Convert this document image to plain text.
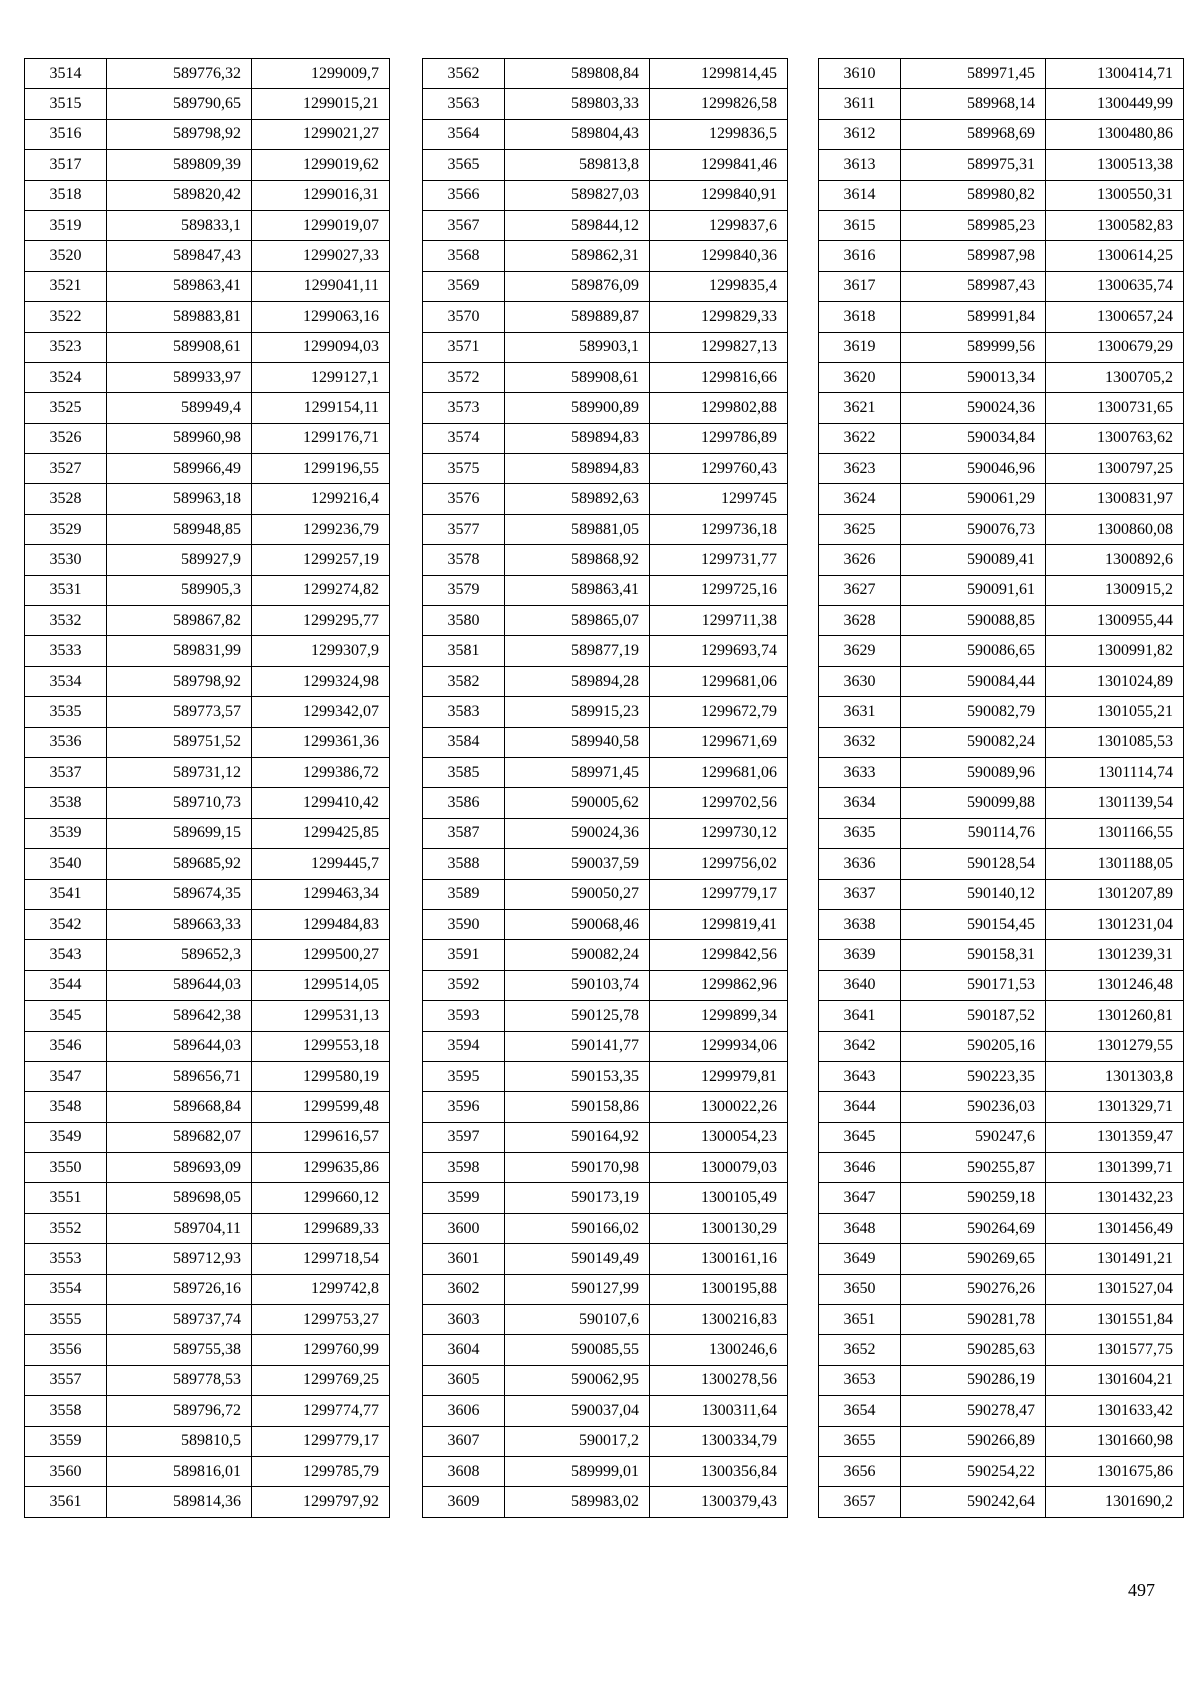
3514	589776,32	1299009,7
3515	589790,65	1299015,21
3516	589798,92	1299021,27
3517	589809,39	1299019,62
3518	589820,42	1299016,31
3519	589833,1	1299019,07
3520	589847,43	1299027,33
3521	589863,41	1299041,11
3522	589883,81	1299063,16
3523	589908,61	1299094,03
3524	589933,97	1299127,1
3525	589949,4	1299154,11
3526	589960,98	1299176,71
3527	589966,49	1299196,55
3528	589963,18	1299216,4
3529	589948,85	1299236,79
3530	589927,9	1299257,19
3531	589905,3	1299274,82
3532	589867,82	1299295,77
3533	589831,99	1299307,9
3534	589798,92	1299324,98
3535	589773,57	1299342,07
3536	589751,52	1299361,36
3537	589731,12	1299386,72
3538	589710,73	1299410,42
3539	589699,15	1299425,85
3540	589685,92	1299445,7
3541	589674,35	1299463,34
3542	589663,33	1299484,83
3543	589652,3	1299500,27
3544	589644,03	1299514,05
3545	589642,38	1299531,13
3546	589644,03	1299553,18
3547	589656,71	1299580,19
3548	589668,84	1299599,48
3549	589682,07	1299616,57
3550	589693,09	1299635,86
3551	589698,05	1299660,12
3552	589704,11	1299689,33
3553	589712,93	1299718,54
3554	589726,16	1299742,8
3555	589737,74	1299753,27
3556	589755,38	1299760,99
3557	589778,53	1299769,25
3558	589796,72	1299774,77
3559	589810,5	1299779,17
3560	589816,01	1299785,79
3561	589814,36	1299797,92
3562	589808,84	1299814,45
3563	589803,33	1299826,58
3564	589804,43	1299836,5
3565	589813,8	1299841,46
3566	589827,03	1299840,91
3567	589844,12	1299837,6
3568	589862,31	1299840,36
3569	589876,09	1299835,4
3570	589889,87	1299829,33
3571	589903,1	1299827,13
3572	589908,61	1299816,66
3573	589900,89	1299802,88
3574	589894,83	1299786,89
3575	589894,83	1299760,43
3576	589892,63	1299745
3577	589881,05	1299736,18
3578	589868,92	1299731,77
3579	589863,41	1299725,16
3580	589865,07	1299711,38
3581	589877,19	1299693,74
3582	589894,28	1299681,06
3583	589915,23	1299672,79
3584	589940,58	1299671,69
3585	589971,45	1299681,06
3586	590005,62	1299702,56
3587	590024,36	1299730,12
3588	590037,59	1299756,02
3589	590050,27	1299779,17
3590	590068,46	1299819,41
3591	590082,24	1299842,56
3592	590103,74	1299862,96
3593	590125,78	1299899,34
3594	590141,77	1299934,06
3595	590153,35	1299979,81
3596	590158,86	1300022,26
3597	590164,92	1300054,23
3598	590170,98	1300079,03
3599	590173,19	1300105,49
3600	590166,02	1300130,29
3601	590149,49	1300161,16
3602	590127,99	1300195,88
3603	590107,6	1300216,83
3604	590085,55	1300246,6
3605	590062,95	1300278,56
3606	590037,04	1300311,64
3607	590017,2	1300334,79
3608	589999,01	1300356,84
3609	589983,02	1300379,43
3610	589971,45	1300414,71
3611	589968,14	1300449,99
3612	589968,69	1300480,86
3613	589975,31	1300513,38
3614	589980,82	1300550,31
3615	589985,23	1300582,83
3616	589987,98	1300614,25
3617	589987,43	1300635,74
3618	589991,84	1300657,24
3619	589999,56	1300679,29
3620	590013,34	1300705,2
3621	590024,36	1300731,65
3622	590034,84	1300763,62
3623	590046,96	1300797,25
3624	590061,29	1300831,97
3625	590076,73	1300860,08
3626	590089,41	1300892,6
3627	590091,61	1300915,2
3628	590088,85	1300955,44
3629	590086,65	1300991,82
3630	590084,44	1301024,89
3631	590082,79	1301055,21
3632	590082,24	1301085,53
3633	590089,96	1301114,74
3634	590099,88	1301139,54
3635	590114,76	1301166,55
3636	590128,54	1301188,05
3637	590140,12	1301207,89
3638	590154,45	1301231,04
3639	590158,31	1301239,31
3640	590171,53	1301246,48
3641	590187,52	1301260,81
3642	590205,16	1301279,55
3643	590223,35	1301303,8
3644	590236,03	1301329,71
3645	590247,6	1301359,47
3646	590255,87	1301399,71
3647	590259,18	1301432,23
3648	590264,69	1301456,49
3649	590269,65	1301491,21
3650	590276,26	1301527,04
3651	590281,78	1301551,84
3652	590285,63	1301577,75
3653	590286,19	1301604,21
3654	590278,47	1301633,42
3655	590266,89	1301660,98
3656	590254,22	1301675,86
3657	590242,64	1301690,2
497
